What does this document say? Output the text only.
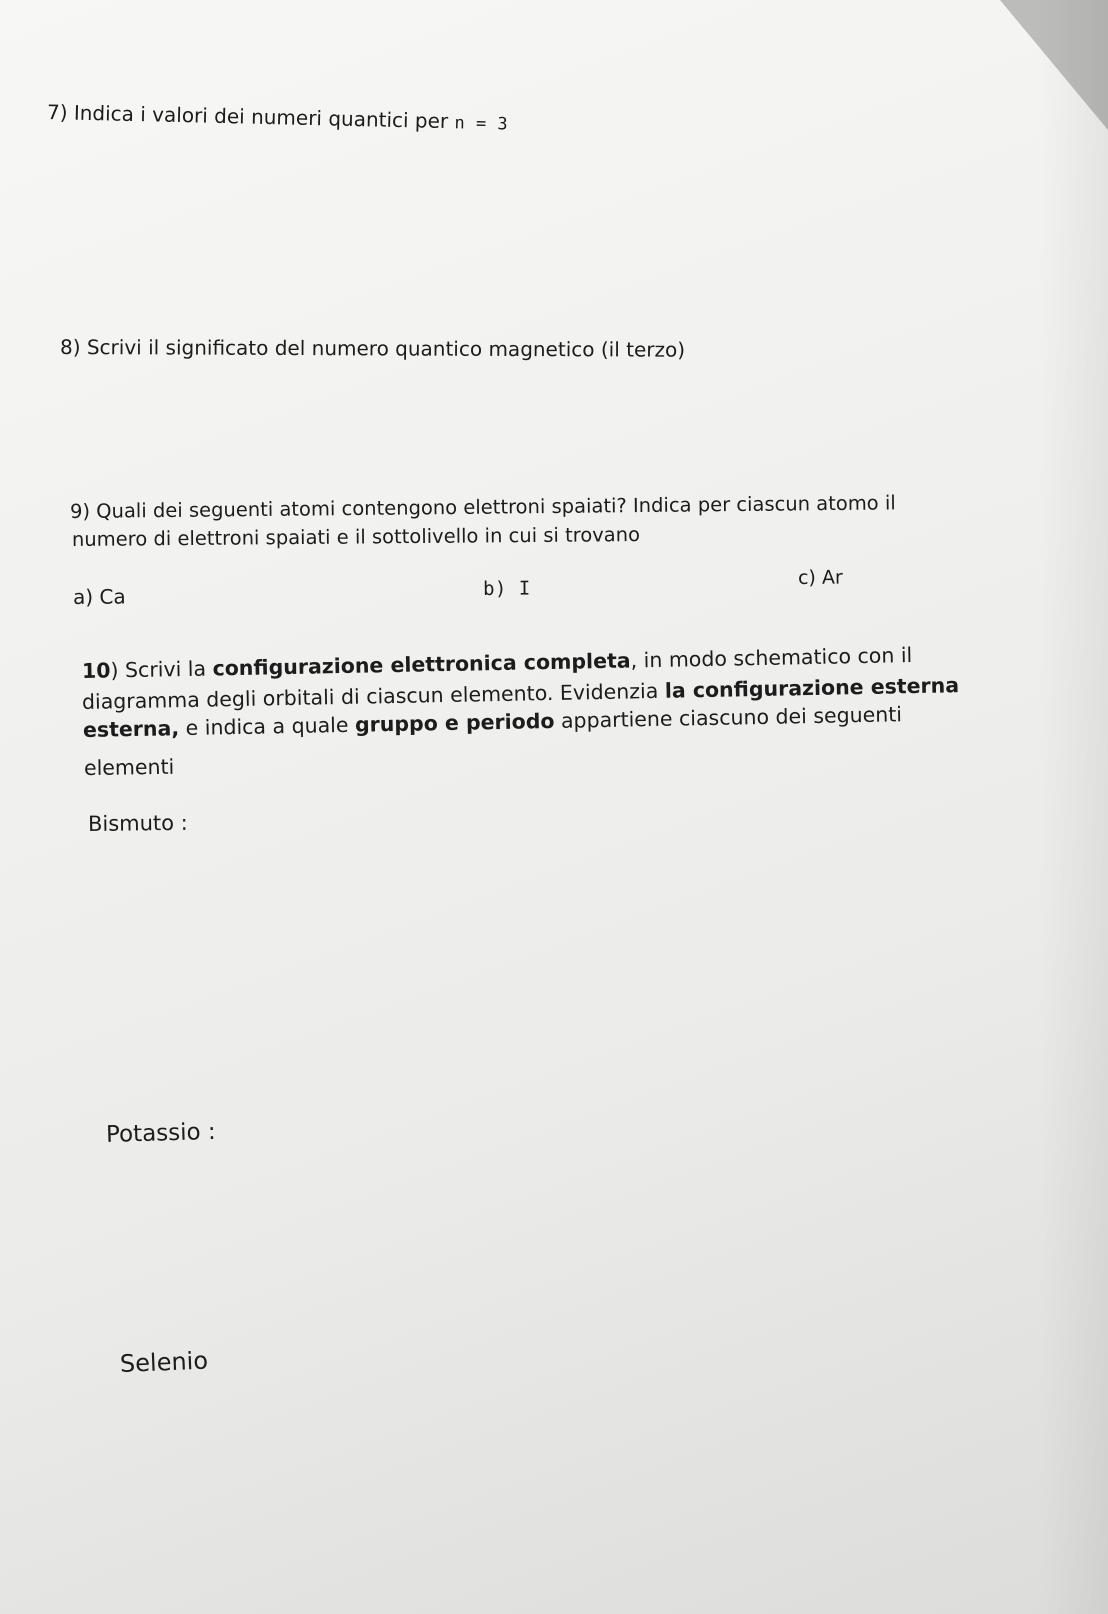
7) Indica i valori dei numeri quantici per n = 3
8) Scrivi il significato del numero quantico magnetico (il terzo)
9) Quali dei seguenti atomi contengono elettroni spaiati? Indica per ciascun atomo il
numero di elettroni spaiati e il sottolivello in cui si trovano
a) Ca	b) I	c) Ar
10) Scrivi la configurazione elettronica completa, in modo schematico con il
diagramma degli orbitali di ciascun elemento. Evidenzia la configurazione esterna
esterna, e indica a quale gruppo e periodo appartiene ciascuno dei seguenti
elementi
Bismuto :
Potassio :
Selenio
